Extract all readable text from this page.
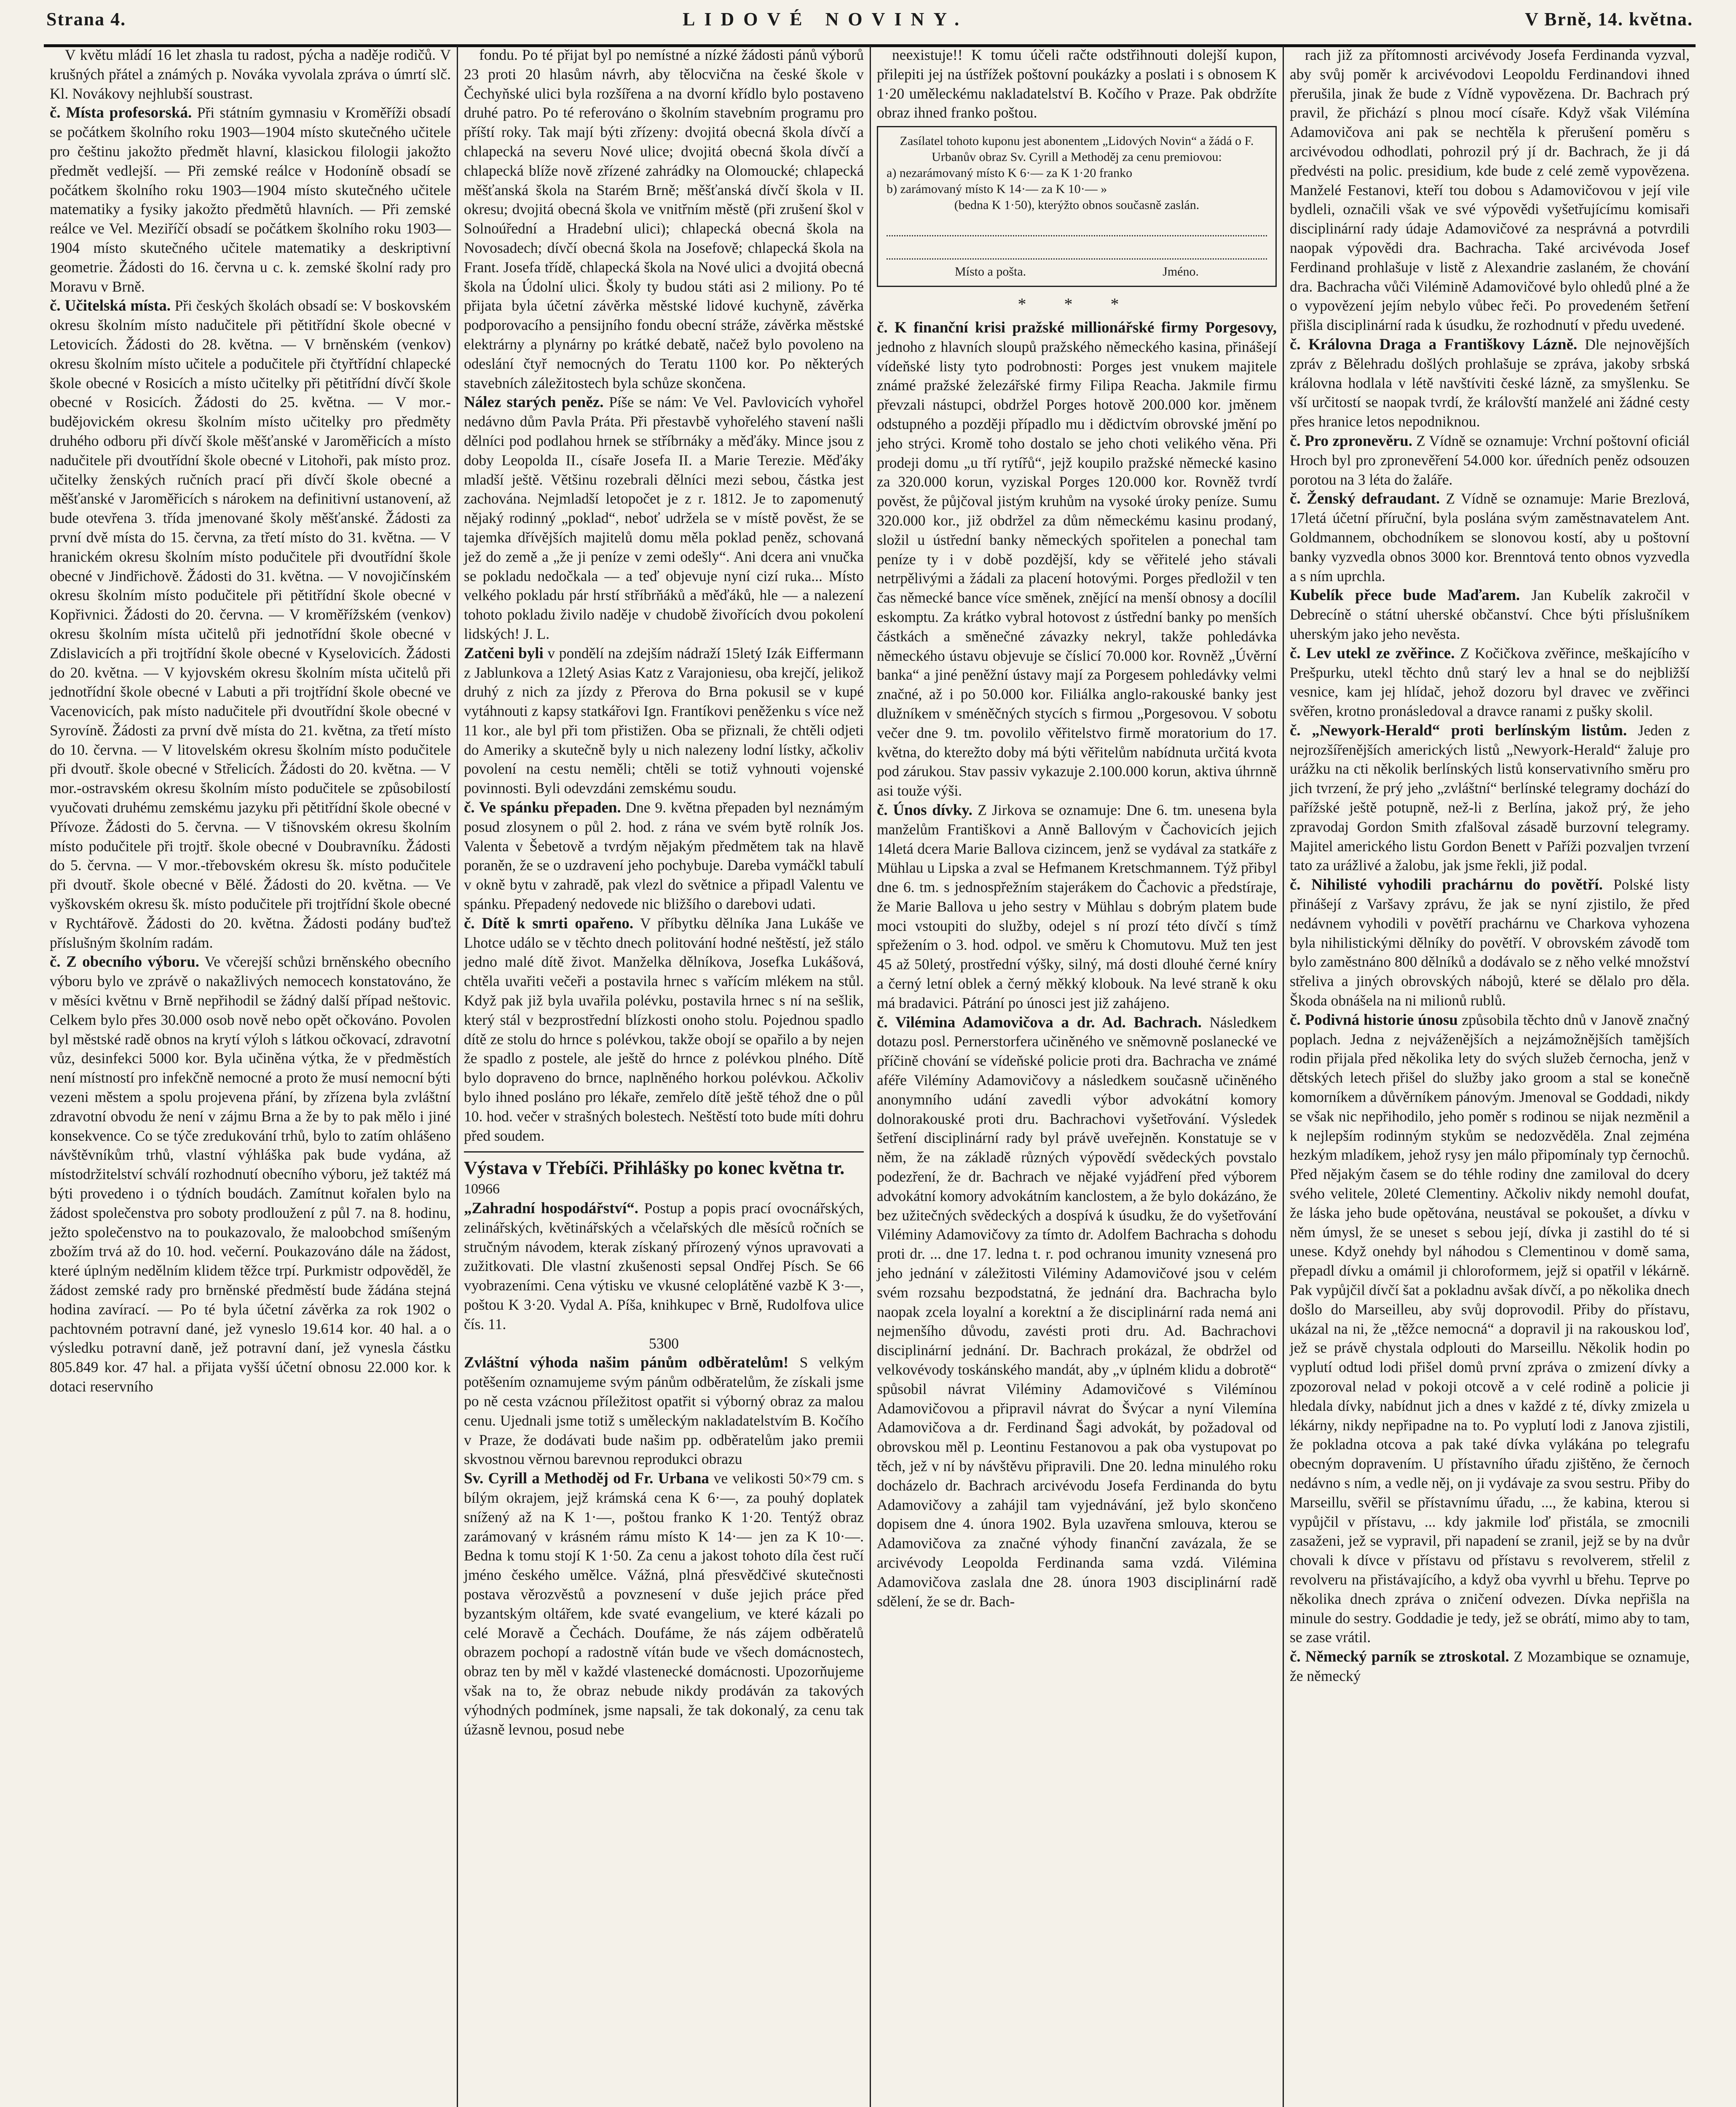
Strana 4.	LIDOVÉ NOVINY.	V Brně, 14. května.

V květu mládí 16 let zhasla tu radost, pýcha a naděje rodičů. V krušných přátel a známých p. Nováka vyvolala zpráva o úmrtí slč. Kl. Novákovy nejhlubší soustrast.

č. Místa profesorská. Při státním gymnasiu v Kroměříži obsadí se počátkem školního roku 1903—1904 místo skutečného učitele pro češtinu jakožto předmět hlavní, klasickou filologii jakožto předmět vedlejší. — Při zemské reálce v Hodoníně obsadí se počátkem školního roku 1903—1904 místo skutečného učitele matematiky a fysiky jakožto předmětů hlavních. — Při zemské reálce ve Vel. Meziříčí obsadí se počátkem školního roku 1903—1904 místo skutečného učitele matematiky a deskriptivní geometrie. Žádosti do 16. června u c. k. zemské školní rady pro Moravu v Brně.

č. Učitelská místa. Při českých školách obsadí se: V boskovském okresu školním místo nadučitele při pětitřídní škole obecné v Letovicích. Žádosti do 28. května. — V brněnském (venkov) okresu školním místo učitele a podučitele při čtyřtřídní chlapecké škole obecné v Rosicích a místo učitelky při pětitřídní dívčí škole obecné v Rosicích. Žádosti do 25. května. — V mor.-budějovickém okresu školním místo učitelky pro předměty druhého odboru při dívčí škole měšťanské v Jaroměřicích a místo nadučitele při dvoutřídní škole obecné v Litohoři, pak místo proz. učitelky ženských ručních prací při dívčí škole obecné a měšťanské v Jaroměřicích s nárokem na definitivní ustanovení, až bude otevřena 3. třída jmenované školy měšťanské. Žádosti za první dvě místa do 15. června, za třetí místo do 31. května. — V hranickém okresu školním místo podučitele při dvoutřídní škole obecné v Jindřichově. Žádosti do 31. května. — V novojičínském okresu školním místo podučitele při pětitřídní škole obecné v Kopřivnici. Žádosti do 20. června. — V kroměřížském (venkov) okresu školním místa učitelů při jednotřídní škole obecné v Zdislavicích a při trojtřídní škole obecné v Kyselovicích. Žádosti do 20. května. — V kyjovském okresu školním místa učitelů při jednotřídní škole obecné v Labuti a při trojtřídní škole obecné ve Vacenovicích, pak místo nadučitele při dvoutřídní škole obecné v Syrovíně. Žádosti za první dvě místa do 21. května, za třetí místo do 10. června. — V litovelském okresu školním místo podučitele při dvoutř. škole obecné v Střelicích. Žádosti do 20. května. — V mor.-ostravském okresu školním místo podučitele se způsobilostí vyučovati druhému zemskému jazyku při pětitřídní škole obecné v Přívoze. Žádosti do 5. června. — V tišnovském okresu školním místo podučitele při trojtř. škole obecné v Doubravníku. Žádosti do 5. června. — V mor.-třebovském okresu šk. místo podučitele při dvoutř. škole obecné v Bělé. Žádosti do 20. května. — Ve vyškovském okresu šk. místo podučitele při trojtřídní škole obecné v Rychtářově. Žádosti do 20. května. Žádosti podány buďtež příslušným školním radám.

č. Z obecního výboru. Ve včerejší schůzi brněnského obecního výboru bylo ve zprávě o nakažlivých nemocech konstatováno, že v měsíci květnu v Brně nepřihodil se žádný další případ neštovic. Celkem bylo přes 30.000 osob nově nebo opět očkováno. Povolen byl městské radě obnos na krytí výloh s látkou očkovací, zdravotní vůz, desinfekci 5000 kor. Byla učiněna výtka, že v předměstích není místností pro infekčně nemocné a proto že musí nemocní býti vezeni městem a spolu projevena přání, by zřízena byla zvláštní zdravotní obvodu že není v zájmu Brna a že by to pak mělo i jiné konsekvence. Co se týče zredukování trhů, bylo to zatím ohlášeno návštěvníkům trhů, vlastní výhláška pak bude vydána, až místodržitelství schválí rozhodnutí obecního výboru, jež taktéž má býti provedeno i o týdních boudách. Zamítnut kořalen bylo na žádost společenstva pro soboty prodloužení z půl 7. na 8. hodinu, ježto společenstvo na to poukazovalo, že maloobchod smíšeným zbožím trvá až do 10. hod. večerní. Poukazováno dále na žádost, které úplným nedělním klidem těžce trpí. Purkmistr odpověděl, že žádost zemské rady pro brněnské předměstí bude žádána stejná hodina zavírací. — Po té byla účetní závěrka za rok 1902 o pachtovném potravní dané, jež vyneslo 19.614 kor. 40 hal. a o výsledku potravní daně, jež potravní daní, jež vynesla částku 805.849 kor. 47 hal. a přijata vyšší účetní obnosu 22.000 kor. k dotaci reservního

fondu. Po té přijat byl po nemístné a nízké žádosti pánů výborů 23 proti 20 hlasům návrh, aby tělocvična na české škole v Čechyňské ulici byla rozšířena a na dvorní křídlo bylo postaveno druhé patro. Po té referováno o školním stavebním programu pro příští roky. Tak mají býti zřízeny: dvojitá obecná škola dívčí a chlapecká na severu Nové ulice; dvojitá obecná škola dívčí a chlapecká blíže nově zřízené zahrádky na Olomoucké; chlapecká měšťanská škola na Starém Brně; měšťanská dívčí škola v II. okresu; dvojitá obecná škola ve vnitřním městě (při zrušení škol v Solnoúřední a Hradební ulici); chlapecká obecná škola na Novosadech; dívčí obecná škola na Josefově; chlapecká škola na Frant. Josefa třídě, chlapecká škola na Nové ulici a dvojitá obecná škola na Údolní ulici. Školy ty budou státi asi 2 miliony. Po té přijata byla účetní závěrka městské lidové kuchyně, závěrka podporovacího a pensijního fondu obecní stráže, závěrka městské elektrárny a plynárny po krátké debatě, načež bylo povoleno na odeslání čtyř nemocných do Teratu 1100 kor. Po některých stavebních záležitostech byla schůze skončena.

Nález starých peněz. Píše se nám: Ve Vel. Pavlovicích vyhořel nedávno dům Pavla Práta. Při přestavbě vyhořelého stavení našli dělníci pod podlahou hrnek se stříbrnáky a měďáky. Mince jsou z doby Leopolda II., císaře Josefa II. a Marie Terezie. Měďáky mladší ještě. Většinu rozebrali dělníci mezi sebou, částka jest zachována. Nejmladší letopočet je z r. 1812. Je to zapomenutý nějaký rodinný „poklad“, neboť udržela se v místě pověst, že se tajemka dřívějších majitelů domu měla poklad peněz, schovaná jež do země a „že ji peníze v zemi odešly“. Ani dcera ani vnučka se pokladu nedočkala — a teď objevuje nyní cizí ruka... Místo velkého pokladu pár hrstí stříbrňáků a měďáků, hle — a nalezení tohoto pokladu živilo naděje v chudobě živořících dvou pokolení lidských! J. L.

Zatčeni byli v pondělí na zdejším nádraží 15letý Izák Eiffermann z Jablunkova a 12letý Asias Katz z Varajoniesu, oba krejčí, jelikož druhý z nich za jízdy z Přerova do Brna pokusil se v kupé vytáhnouti z kapsy statkářovi Ign. Frantíkovi peněženku s více než 11 kor., ale byl při tom přistižen. Oba se přiznali, že chtěli odjeti do Ameriky a skutečně byly u nich nalezeny lodní lístky, ačkoliv povolení na cestu neměli; chtěli se totiž vyhnouti vojenské povinnosti. Byli odevzdáni zemskému soudu.

č. Ve spánku přepaden. Dne 9. května přepaden byl neznámým posud zlosynem o půl 2. hod. z rána ve svém bytě rolník Jos. Valenta v Šebetově a tvrdým nějakým předmětem tak na hlavě poraněn, že se o uzdravení jeho pochybuje. Dareba vymáčkl tabulí v okně bytu v zahradě, pak vlezl do světnice a připadl Valentu ve spánku. Přepadený nedovede nic bližšího o darebovi udati.

č. Dítě k smrti opařeno. V příbytku dělníka Jana Lukáše ve Lhotce událo se v těchto dnech politování hodné neštěstí, jež stálo jedno malé dítě život. Manželka dělníkova, Josefka Lukášová, chtěla uvařiti večeři a postavila hrnec s vařícím mlékem na stůl. Když pak již byla uvařila polévku, postavila hrnec s ní na sešlik, který stál v bezprostřední blízkosti onoho stolu. Pojednou spadlo dítě ze stolu do hrnce s polévkou, takže obojí se opařilo a by nejen že spadlo z postele, ale ještě do hrnce z polévkou plného. Dítě bylo dopraveno do brnce, naplněného horkou polévkou. Ačkoliv bylo ihned posláno pro lékaře, zemřelo dítě ještě téhož dne o půl 10. hod. večer v strašných bolestech. Neštěstí toto bude míti dohru před soudem.

Výstava v Třebíči. Přihlášky po konec května tr. 10966

„Zahradní hospodářství“. Postup a popis prací ovocnářských, zelinářských, květinářských a včelařských dle měsíců ročních se stručným návodem, kterak získaný přírozený výnos upravovati a zužitkovati. Dle vlastní zkušenosti sepsal Ondřej Písch. Se 66 vyobrazeními. Cena výtisku ve vkusné celoplátěné vazbě K 3·—, poštou K 3·20. Vydal A. Píša, knihkupec v Brně, Rudolfova ulice čís. 11.

5300

Zvláštní výhoda našim pánům odběratelům! S velkým potěšením oznamujeme svým pánům odběratelům, že získali jsme po ně cesta vzácnou příležitost opatřit si výborný obraz za malou cenu. Ujednali jsme totiž s uměleckým nakladatelstvím B. Kočího v Praze, že dodávati bude našim pp. odběratelům jako premii skvostnou věrnou barevnou reprodukci obrazu

Sv. Cyrill a Methoděj od Fr. Urbana ve velikosti 50×79 cm. s bílým okrajem, jejž krámská cena K 6·—, za pouhý doplatek snížený až na K 1·—, poštou franko K 1·20. Tentýž obraz zarámovaný v krásném rámu místo K 14·— jen za K 10·—. Bedna k tomu stojí K 1·50. Za cenu a jakost tohoto díla čest ručí jméno českého umělce. Vážná, plná přesvědčivé skutečnosti postava věrozvěstů a povznesení v duše jejich práce před byzantským oltářem, kde svaté evangelium, ve které kázali po celé Moravě a Čechách. Doufáme, že nás zájem odběratelů obrazem pochopí a radostně vítán bude ve všech domácnostech, obraz ten by měl v každé vlastenecké domácnosti. Upozorňujeme však na to, že obraz nebude nikdy prodáván za takových výhodných podmínek, jsme napsali, že tak dokonalý, za cenu tak úžasně levnou, posud nebe

neexistuje!! K tomu účeli račte odstřihnouti dolejší kupon, přilepiti jej na ústřížek poštovní poukázky a poslati i s obnosem K 1·20 uměleckému nakladatelství B. Kočího v Praze. Pak obdržíte obraz ihned franko poštou.

Zasílatel tohoto kuponu jest abonentem „Lidových Novin“ a žádá o F. Urbanův obraz Sv. Cyrill a Methoděj za cenu premiovou:

a) nezarámovaný místo K 6·— za K 1·20 franko

b) zarámovaný místo K 14·— za K 10·— »

(bedna K 1·50), kterýžto obnos současně zaslán.

Místo a pošta.	Jméno.
* * *

č. K finanční krisi pražské millionářské firmy Porgesovy, jednoho z hlavních sloupů pražského německého kasina, přinášejí vídeňské listy tyto podrobnosti: Porges jest vnukem majitele známé pražské železářské firmy Filipa Reacha. Jakmile firmu převzali nástupci, obdržel Porges hotově 200.000 kor. jměnem odstupného a později případlo mu i dědictvím obrovské jmění po jeho strýci. Kromě toho dostalo se jeho choti velikého věna. Při prodeji domu „u tří rytířů“, jejž koupilo pražské německé kasino za 320.000 korun, vyziskal Porges 120.000 kor. Rovněž tvrdí pověst, že půjčoval jistým kruhům na vysoké úroky peníze. Sumu 320.000 kor., již obdržel za dům německému kasinu prodaný, složil u ústřední banky německých spořitelen a ponechal tam peníze ty i v době pozdější, kdy se věřitelé jeho stávali netrpělivými a žádali za placení hotovými. Porges předložil v ten čas německé bance více směnek, znějící na menší obnosy a docílil eskomptu. Za krátko vybral hotovost z ústřední banky po menších částkách a směnečné závazky nekryl, takže pohledávka německého ústavu objevuje se číslicí 70.000 kor. Rovněž „Úvěrní banka“ a jiné peněžní ústavy mají za Porgesem pohledávky velmi značné, až i po 50.000 kor. Filiálka anglo-rakouské banky jest dlužníkem v sméněčných stycích s firmou „Porgesovou. V sobotu večer dne 9. tm. povolilo věřitelstvo firmě moratorium do 17. května, do kterežto doby má býti věřitelům nabídnuta určitá kvota pod zárukou. Stav passiv vykazuje 2.100.000 korun, aktiva úhrnně asi touže výši.

č. Únos dívky. Z Jirkova se oznamuje: Dne 6. tm. unesena byla manželům Františkovi a Anně Ballovým v Čachovicích jejich 14letá dcera Marie Ballova cizincem, jenž se vydával za statkáře z Mühlau u Lipska a zval se Hefmanem Kretschmannem. Týž přibyl dne 6. tm. s jednospřežním stajerákem do Čachovic a předstíraje, že Marie Ballova u jeho sestry v Mühlau s dobrým platem bude moci vstoupiti do služby, odejel s ní prozí této dívčí s tímž spřežením o 3. hod. odpol. ve směru k Chomutovu. Muž ten jest 45 až 50letý, prostřední výšky, silný, má dosti dlouhé černé kníry a černý letní oblek a černý měkký klobouk. Na levé straně k oku má bradavici. Pátrání po únosci jest již zahájeno.

č. Vilémina Adamovičova a dr. Ad. Bachrach. Následkem dotazu posl. Pernerstorfera učiněného ve sněmovně poslanecké ve příčině chování se vídeňské policie proti dra. Bachracha ve známé aféře Vilémíny Adamovičovy a následkem současně učiněného anonymního udání zavedli výbor advokátní komory dolnorakouské proti dru. Bachrachovi vyšetřování. Výsledek šetření disciplinární rady byl právě uveřejněn. Konstatuje se v něm, že na základě různých výpovědí svědeckých povstalo podezření, že dr. Bachrach ve nějaké vyjádření před výborem advokátní komory advokátním kanclostem, a že bylo dokázáno, že bez užitečných svědeckých a dospívá k úsudku, že do vyšetřování Viléminy Adamovičovy za tímto dr. Adolfem Bachracha s dohodu proti dr. ... dne 17. ledna t. r. pod ochranou imunity vznesená pro jeho jednání v záležitosti Viléminy Adamovičové jsou v celém svém rozsahu bezpodstatná, že jednání dra. Bachracha bylo naopak zcela loyalní a korektní a že disciplinární rada nemá ani nejmenšího důvodu, zavésti proti dru. Ad. Bachrachovi disciplinární jednání. Dr. Bachrach prokázal, že obdržel od velkovévody toskánského mandát, aby „v úplném klidu a dobrotě“ spůsobil návrat Viléminy Adamovičové s Vilémínou Adamovičovou a připravil návrat do Švýcar a nyní Vilemína Adamovičova a dr. Ferdinand Šagi advokát, by požadoval od obrovskou měl p. Leontinu Festanovou a pak oba vystupovat po těch, jež v ní by návštěvu připravili. Dne 20. ledna minulého roku docházelo dr. Bachrach arcivévodu Josefa Ferdinanda do bytu Adamovičovy a zahájil tam vyjednávání, jež bylo skončeno dopisem dne 4. února 1902. Byla uzavřena smlouva, kterou se Adamovičova za značné výhody finanční zavázala, že se arcivévody Leopolda Ferdinanda sama vzdá. Vilémina Adamovičova zaslala dne 28. února 1903 disciplinární radě sdělení, že se dr. Bach-

rach již za přítomnosti arcivévody Josefa Ferdinanda vyzval, aby svůj poměr k arcivévodovi Leopoldu Ferdinandovi ihned přerušila, jinak že bude z Vídně vypovězena. Dr. Bachrach prý pravil, že přichází s plnou mocí císaře. Když však Vilémína Adamovičova ani pak se nechtěla k přerušení poměru s arcivévodou odhodlati, pohrozil prý jí dr. Bachrach, že ji dá předvésti na polic. presidium, kde bude z celé země vypovězena. Manželé Festanovi, kteří tou dobou s Adamovičovou v její vile bydleli, označili však ve své výpovědi vyšetřujícímu komisaři disciplinární rady údaje Adamovičové za nesprávná a potvrdili naopak výpovědi dra. Bachracha. Také arcivévoda Josef Ferdinand prohlašuje v listě z Alexandrie zaslaném, že chování dra. Bachracha vůči Vilémině Adamovičové bylo ohledů plné a že o vypovězení jejím nebylo vůbec řeči. Po provedeném šetření přišla disciplinární rada k úsudku, že rozhodnutí v předu uvedené.

č. Královna Draga a Františkovy Lázně. Dle nejnovějších zpráv z Bělehradu došlých prohlašuje se zpráva, jakoby srbská královna hodlala v létě navštíviti české lázně, za smyšlenku. Se vší určitostí se naopak tvrdí, že královští manželé ani žádné cesty přes hranice letos nepodniknou.

č. Pro zpronevěru. Z Vídně se oznamuje: Vrchní poštovní oficiál Hroch byl pro zpronevěření 54.000 kor. úředních peněz odsouzen porotou na 3 léta do žaláře.

č. Ženský defraudant. Z Vídně se oznamuje: Marie Brezlová, 17letá účetní příruční, byla poslána svým zaměstnavatelem Ant. Goldmannem, obchodníkem se slonovou kostí, aby u poštovní banky vyzvedla obnos 3000 kor. Brenntová tento obnos vyzvedla a s ním uprchla.

Kubelík přece bude Maďarem. Jan Kubelík zakročil v Debrecíně o státní uherské občanství. Chce býti příslušníkem uherským jako jeho nevěsta.

č. Lev utekl ze zvěřince. Z Kočičkova zvěřince, meškajícího v Prešpurku, utekl těchto dnů starý lev a hnal se do nejbližší vesnice, kam jej hlídač, jehož dozoru byl dravec ve zvěřinci svěřen, krotno pronásledoval a dravce ranami z pušky skolil.

č. „Newyork-Herald“ proti berlínským listům. Jeden z nejrozšířenějších amerických listů „Newyork-Herald“ žaluje pro urážku na cti několik berlínských listů konservativního směru pro jich tvrzení, že prý jeho „zvláštní“ berlínské telegramy dochází do pařížské ještě potupně, než-li z Berlína, jakož prý, že jeho zpravodaj Gordon Smith zfalšoval zásadě burzovní telegramy. Majitel amerického listu Gordon Benett v Paříži pozvaljen tvrzení tato za urážlivé a žalobu, jak jsme řekli, již podal.

č. Nihilisté vyhodili prachárnu do povětří. Polské listy přinášejí z Varšavy zprávu, že jak se nyní zjistilo, že před nedávnem vyhodili v povětří prachárnu ve Charkova vyhozena byla nihilistickými dělníky do povětří. V obrovském závodě tom bylo zaměstnáno 800 dělníků a dodávalo se z něho velké množství střeliva a jiných obrovských nábojů, které se dělalo pro děla. Škoda obnášela na ni milionů rublů.

č. Podivná historie únosu způsobila těchto dnů v Janově značný poplach. Jedna z nejváženějších a nejzámožnějších tamějších rodin přijala před několika lety do svých služeb černocha, jenž v dětských letech přišel do služby jako groom a stal se konečně komorníkem a důvěrníkem pánovým. Jmenoval se Goddadi, nikdy se však nic nepřihodilo, jeho poměr s rodinou se nijak nezměnil a k nejlepším rodinným stykům se nedozvěděla. Znal zejména hezkým mladíkem, jehož rysy jen málo připomínaly typ černochů. Před nějakým časem se do téhle rodiny dne zamiloval do dcery svého velitele, 20leté Clementiny. Ačkoliv nikdy nemohl doufat, že láska jeho bude opětována, neustával se pokoušet, a dívku v něm úmysl, že se uneset s sebou její, dívka ji zastihl do té si unese. Když onehdy byl náhodou s Clementinou v domě sama, přepadl dívku a omámil ji chloroformem, jejž si opatřil v lékárně. Pak vypůjčil dívčí šat a pokladnu avšak dívčí, a po několika dnech došlo do Marseilleu, aby svůj doprovodil. Přiby do přístavu, ukázal na ni, že „těžce nemocná“ a dopravil ji na rakouskou loď, jež se právě chystala odplouti do Marseillu. Několik hodin po vyplutí odtud lodi přišel domů první zpráva o zmizení dívky a zpozoroval nelad v pokoji otcově a v celé rodině a policie ji hledala dívky, nabídnut jich a dnes v každé z té, dívky zmizela u lékárny, nikdy nepřipadne na to. Po vyplutí lodi z Janova zjistili, že pokladna otcova a pak také dívka vylákána po telegrafu obecným dopravením. U přístavního úřadu zjištěno, že černoch nedávno s ním, a vedle něj, on ji vydávaje za svou sestru. Přiby do Marseillu, svěřil se přístavnímu úřadu, ..., že kabina, kterou si vypůjčil v přístavu, ... kdy jakmile loď přistála, se zmocnili zasaženi, jež se vypravil, při napadení se zranil, jejž se by na dvůr chovali k dívce v přístavu od přístavu s revolverem, střelil z revolveru na přistávajícího, a když oba vyvrhl u břehu. Teprve po několika dnech zpráva o zničení odvezen. Dívka nepřišla na minule do sestry. Goddadie je tedy, jež se obrátí, mimo aby to tam, se zase vrátil.

č. Německý parník se ztroskotal. Z Mozambique se oznamuje, že německý
